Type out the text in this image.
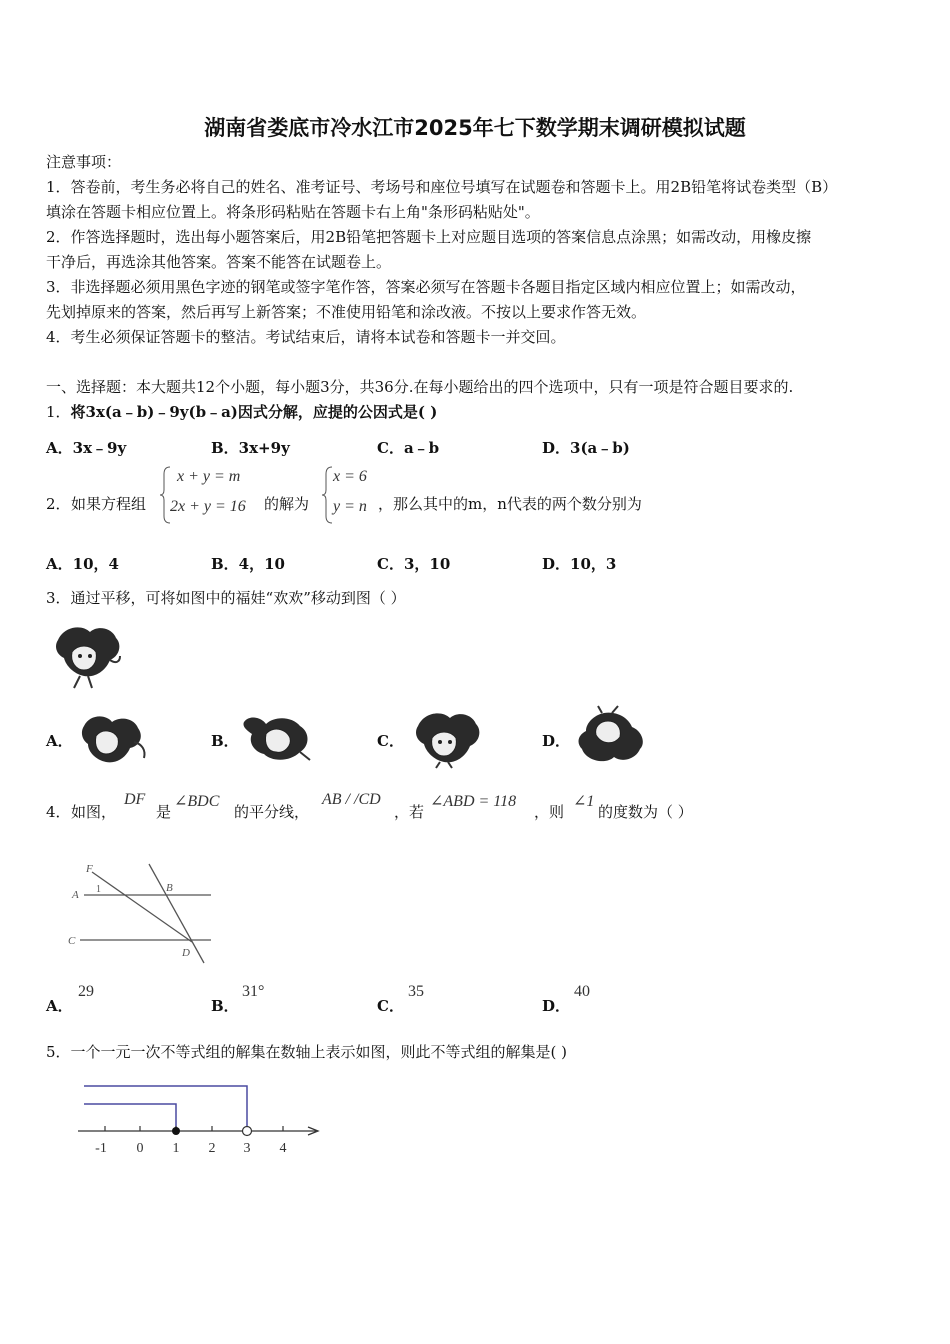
湖南省娄底市冷水江市2025年七下数学期末调研模拟试题
注意事项：
1．答卷前，考生务必将自己的姓名、准考证号、考场号和座位号填写在试题卷和答题卡上。用2B铅笔将试卷类型（B）
填涂在答题卡相应位置上。将条形码粘贴在答题卡右上角"条形码粘贴处"。
2．作答选择题时，选出每小题答案后，用2B铅笔把答题卡上对应题目选项的答案信息点涂黑；如需改动，用橡皮擦
干净后，再选涂其他答案。答案不能答在试题卷上。
3．非选择题必须用黑色字迹的钢笔或签字笔作答，答案必须写在答题卡各题目指定区域内相应位置上；如需改动，
先划掉原来的答案，然后再写上新答案；不准使用铅笔和涂改液。不按以上要求作答无效。
4．考生必须保证答题卡的整洁。考试结束后，请将本试卷和答题卡一并交回。
一、选择题：本大题共12个小题，每小题3分，共36分.在每小题给出的四个选项中，只有一项是符合题目要求的.
1．将3x(a﹣b)﹣9y(b﹣a)因式分解，应提的公因式是( )
A．3x﹣9y	B．3x+9y	C．a﹣b	D．3(a﹣b)
2． 如果方程组
x + y = m
2x + y = 16 的解为
x = 6
y = n ，那么其中的m，n代表的两个数分别为
A．10，4	B．4，10	C．3，10	D．10，3
3．通过平移，可将如图中的福娃“欢欢”移动到图（ ）
A．	B．	C．	D．
4． 如图，
DF
是
∠BDC
的平分线，
AB / /CD
，若
∠ABD = 118
，则
∠1
的度数为（ ）
F
A 1	B
C
D
A．
29
B．
31°
C．
35
D．
40
5．一个一元一次不等式组的解集在数轴上表示如图，则此不等式组的解集是( )
-1 0 1 2 3 4
